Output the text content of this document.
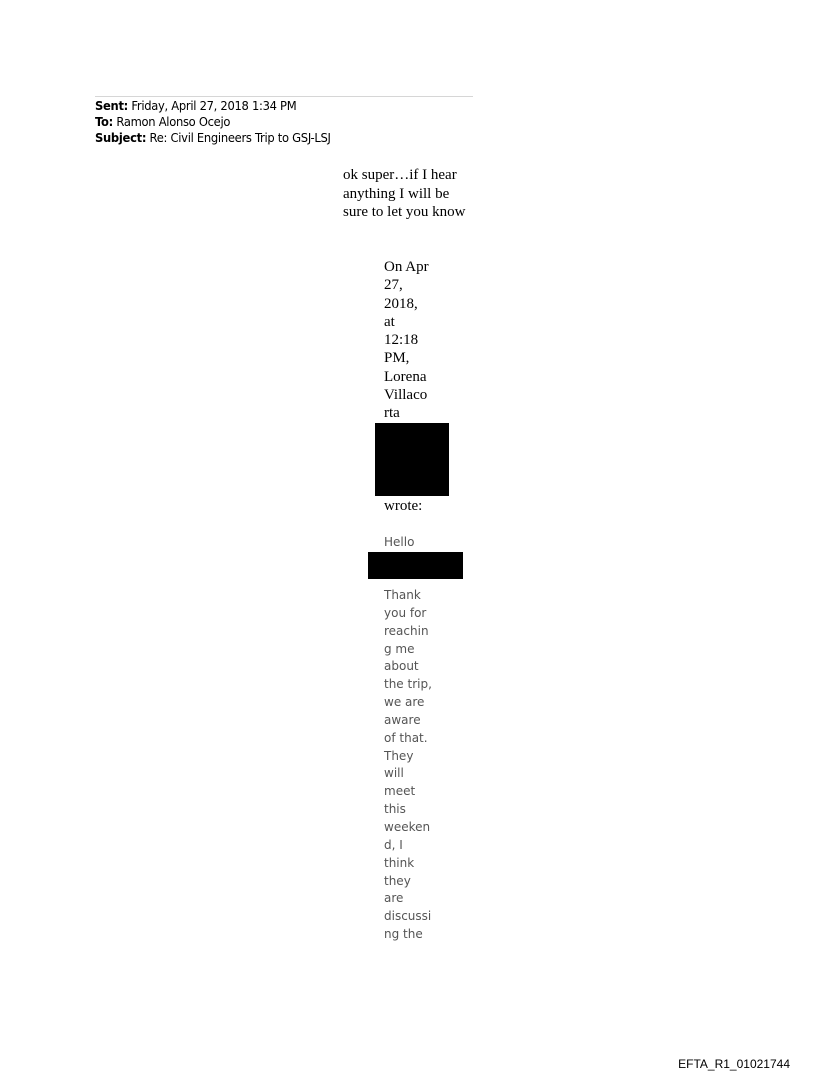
Sent: Friday, April 27, 2018 1:34 PM
To: Ramon Alonso Ocejo
Subject: Re: Civil Engineers Trip to GSJ-LSJ
ok super…if I hear anything I will be sure to let you know
On Apr
27,
2018,
at
12:18
PM,
Lorena
Villaco
rta
wrote:
Hello
Thank
you for
reachin
g me
about
the trip,
we are
aware
of that.
They
will
meet
this
weeken
d, I
think
they
are
discussi
ng the
EFTA_R1_01021744
